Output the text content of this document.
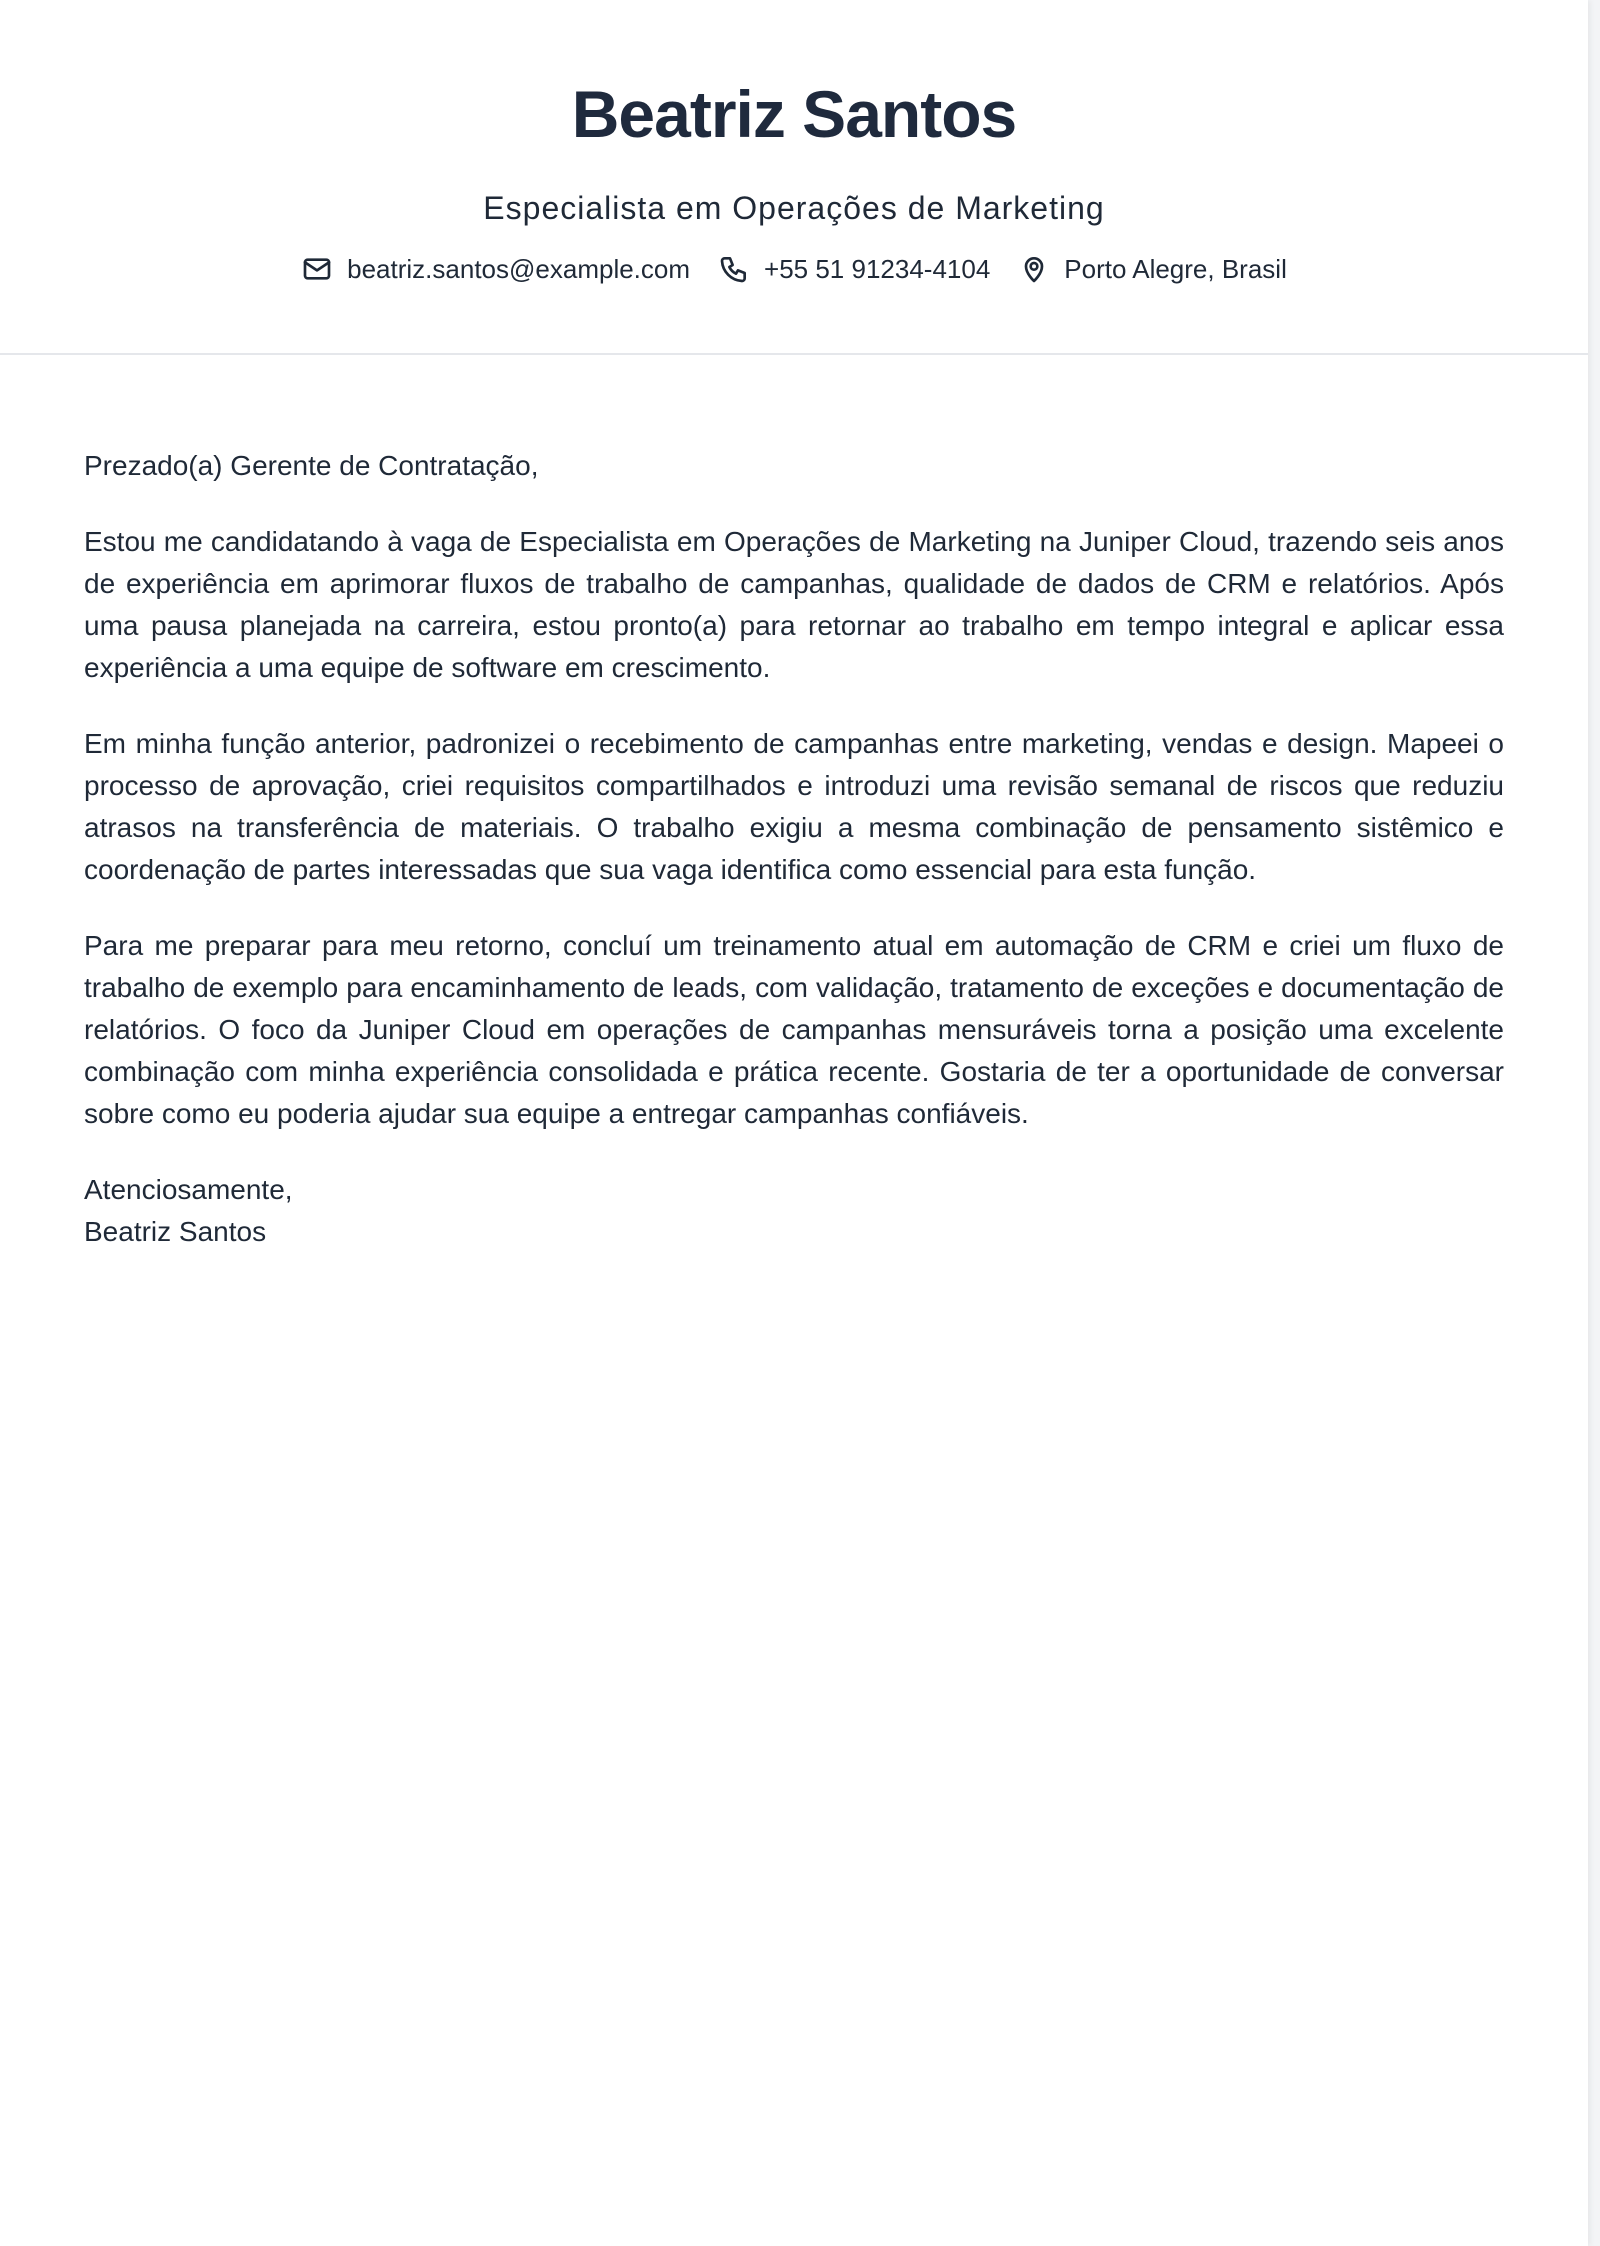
Beatriz Santos
Especialista em Operações de Marketing
beatriz.santos@example.com	+55 51 91234-4104	Porto Alegre, Brasil

Prezado(a) Gerente de Contratação,

Estou me candidatando à vaga de Especialista em Operações de Marketing na Juniper Cloud, trazendo seis anos de experiência em aprimorar fluxos de trabalho de campanhas, qualidade de dados de CRM e relatórios. Após uma pausa planejada na carreira, estou pronto(a) para retornar ao trabalho em tempo integral e aplicar essa experiência a uma equipe de software em crescimento.

Em minha função anterior, padronizei o recebimento de campanhas entre marketing, vendas e design. Mapeei o processo de aprovação, criei requisitos compartilhados e introduzi uma revisão semanal de riscos que reduziu atrasos na transferência de materiais. O trabalho exigiu a mesma combinação de pensamento sistêmico e coordenação de partes interessadas que sua vaga identifica como essencial para esta função.

Para me preparar para meu retorno, concluí um treinamento atual em automação de CRM e criei um fluxo de trabalho de exemplo para encaminhamento de leads, com validação, tratamento de exceções e documentação de relatórios. O foco da Juniper Cloud em operações de campanhas mensuráveis torna a posição uma excelente combinação com minha experiência consolidada e prática recente. Gostaria de ter a oportunidade de conversar sobre como eu poderia ajudar sua equipe a entregar campanhas confiáveis.

Atenciosamente,
Beatriz Santos
